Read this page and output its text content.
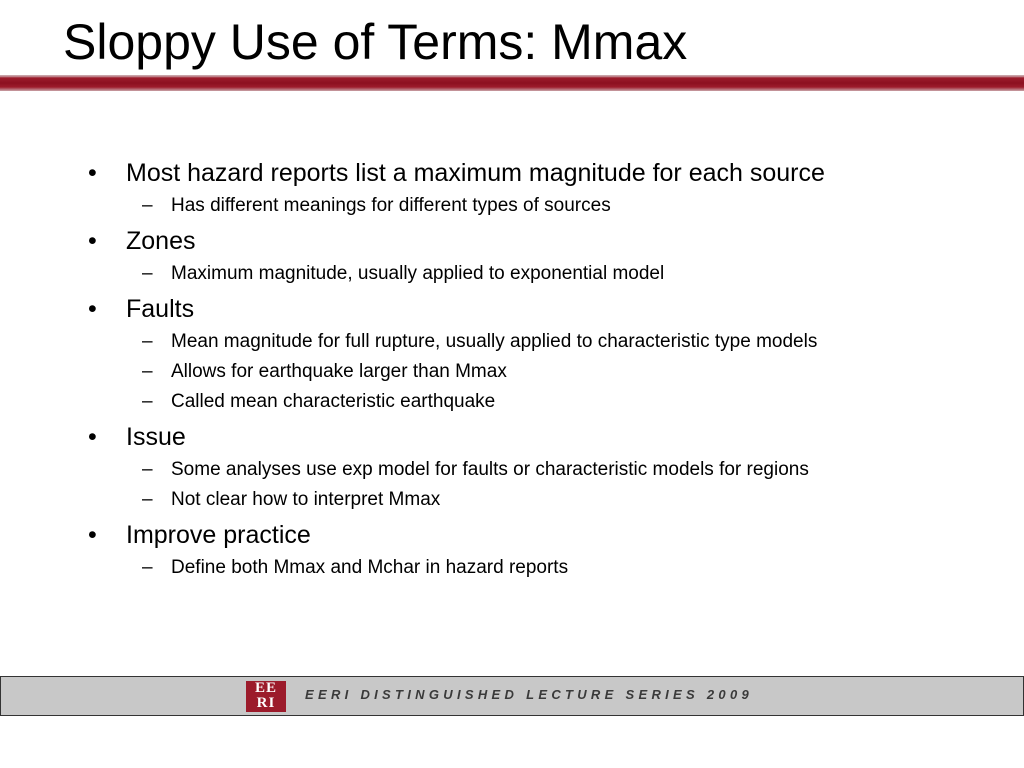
Sloppy Use of Terms: Mmax
• Most hazard reports list a maximum magnitude for each source
– Has different meanings for different types of sources
• Zones
– Maximum magnitude, usually applied to exponential model
• Faults
– Mean magnitude for full rupture, usually applied to characteristic type models
– Allows for earthquake larger than Mmax
– Called mean characteristic earthquake
• Issue
– Some analyses use exp model for faults or characteristic models for regions
– Not clear how to interpret Mmax
• Improve practice
– Define both Mmax and Mchar in hazard reports
EE
RI
EERI DISTINGUISHED LECTURE SERIES 2009
